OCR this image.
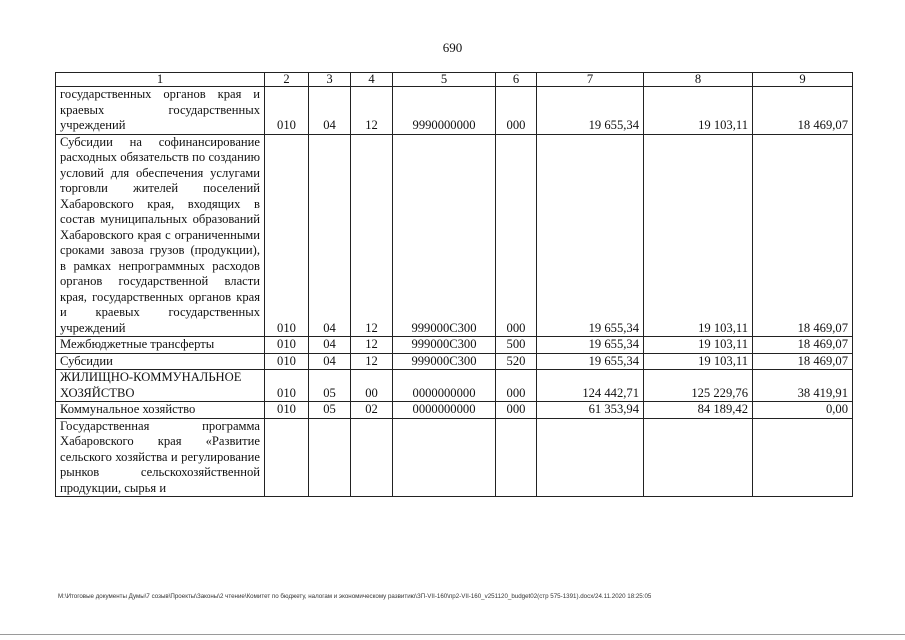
690
1	2	3	4	5	6	7	8	9
государственных органов края и краевых государственных учреждений	010	04	12	9990000000	000	19 655,34	19 103,11	18 469,07
Субсидии на софинансирование расходных обязательств по созданию условий для обеспечения услугами торговли жителей поселений Хабаровского края, входящих в состав муниципальных образований Хабаровского края с ограниченными сроками завоза грузов (продукции), в рамках непрограммных расходов органов государственной власти края, государственных органов края и краевых государственных учреждений	010	04	12	999000С300	000	19 655,34	19 103,11	18 469,07
Межбюджетные трансферты	010	04	12	999000С300	500	19 655,34	19 103,11	18 469,07
Субсидии	010	04	12	999000С300	520	19 655,34	19 103,11	18 469,07
ЖИЛИЩНО-КОММУНАЛЬНОЕ ХОЗЯЙСТВО	010	05	00	0000000000	000	124 442,71	125 229,76	38 419,91
Коммунальное хозяйство	010	05	02	0000000000	000	61 353,94	84 189,42	0,00
Государственная программа Хабаровского края «Развитие сельского хозяйства и регулирование рынков сельскохозяйственной продукции, сырья и								
M:\Итоговые документы Думы\7 созыв\Проекты\Законы\2 чтение\Комитет по бюджету, налогам и экономическому развитию\ЗП-VII-160\пр2-VII-160_v251120_budget02(стр 575-1391).docx/24.11.2020 18:25:05
